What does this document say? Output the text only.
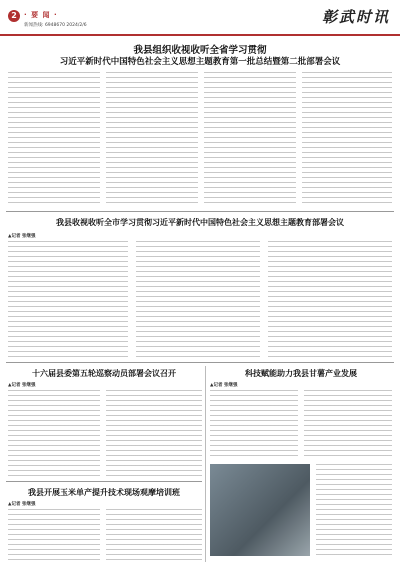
2	· 要 闻 ·
新闻热线: 6948670 2024/2/6	彰武时讯
我县组织收视收听全省学习贯彻
习近平新时代中国特色社会主义思想主题教育第一批总结暨第二批部署会议
我县收视收听全市学习贯彻习近平新时代中国特色社会主义思想主题教育部署会议
▲记者 张继强
十六届县委第五轮巡察动员部署会议召开
▲记者 张继强
科技赋能助力我县甘薯产业发展
▲记者 张继强
我县开展玉米单产提升技术现场观摩培训班
▲记者 张继强
